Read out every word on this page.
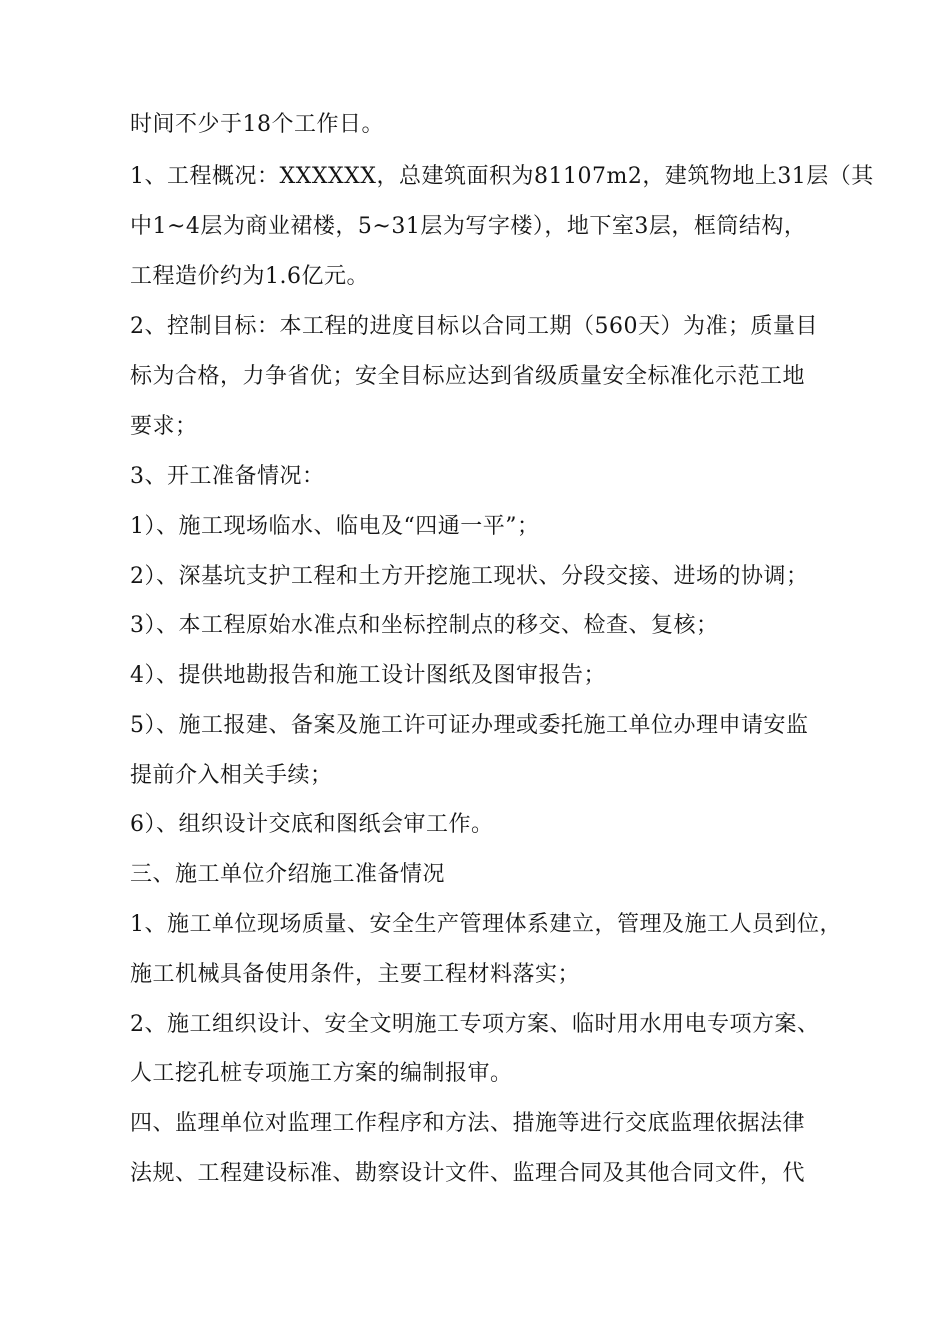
时间不少于18个工作日。
1、工程概况：XXXXXX，总建筑面积为81107m2，建筑物地上31层（其
中1~4层为商业裙楼，5~31层为写字楼），地下室3层，框筒结构，
工程造价约为1.6亿元。
2、控制目标：本工程的进度目标以合同工期（560天）为准；质量目
标为合格，力争省优；安全目标应达到省级质量安全标准化示范工地
要求；
3、开工准备情况：
1）、施工现场临水、临电及“四通一平”；
2）、深基坑支护工程和土方开挖施工现状、分段交接、进场的协调；
3）、本工程原始水准点和坐标控制点的移交、检查、复核；
4）、提供地勘报告和施工设计图纸及图审报告；
5）、施工报建、备案及施工许可证办理或委托施工单位办理申请安监
提前介入相关手续；
6）、组织设计交底和图纸会审工作。
三、施工单位介绍施工准备情况
1、施工单位现场质量、安全生产管理体系建立，管理及施工人员到位，
施工机械具备使用条件，主要工程材料落实；
2、施工组织设计、安全文明施工专项方案、临时用水用电专项方案、
人工挖孔桩专项施工方案的编制报审。
四、监理单位对监理工作程序和方法、措施等进行交底监理依据法律
法规、工程建设标准、勘察设计文件、监理合同及其他合同文件，代
